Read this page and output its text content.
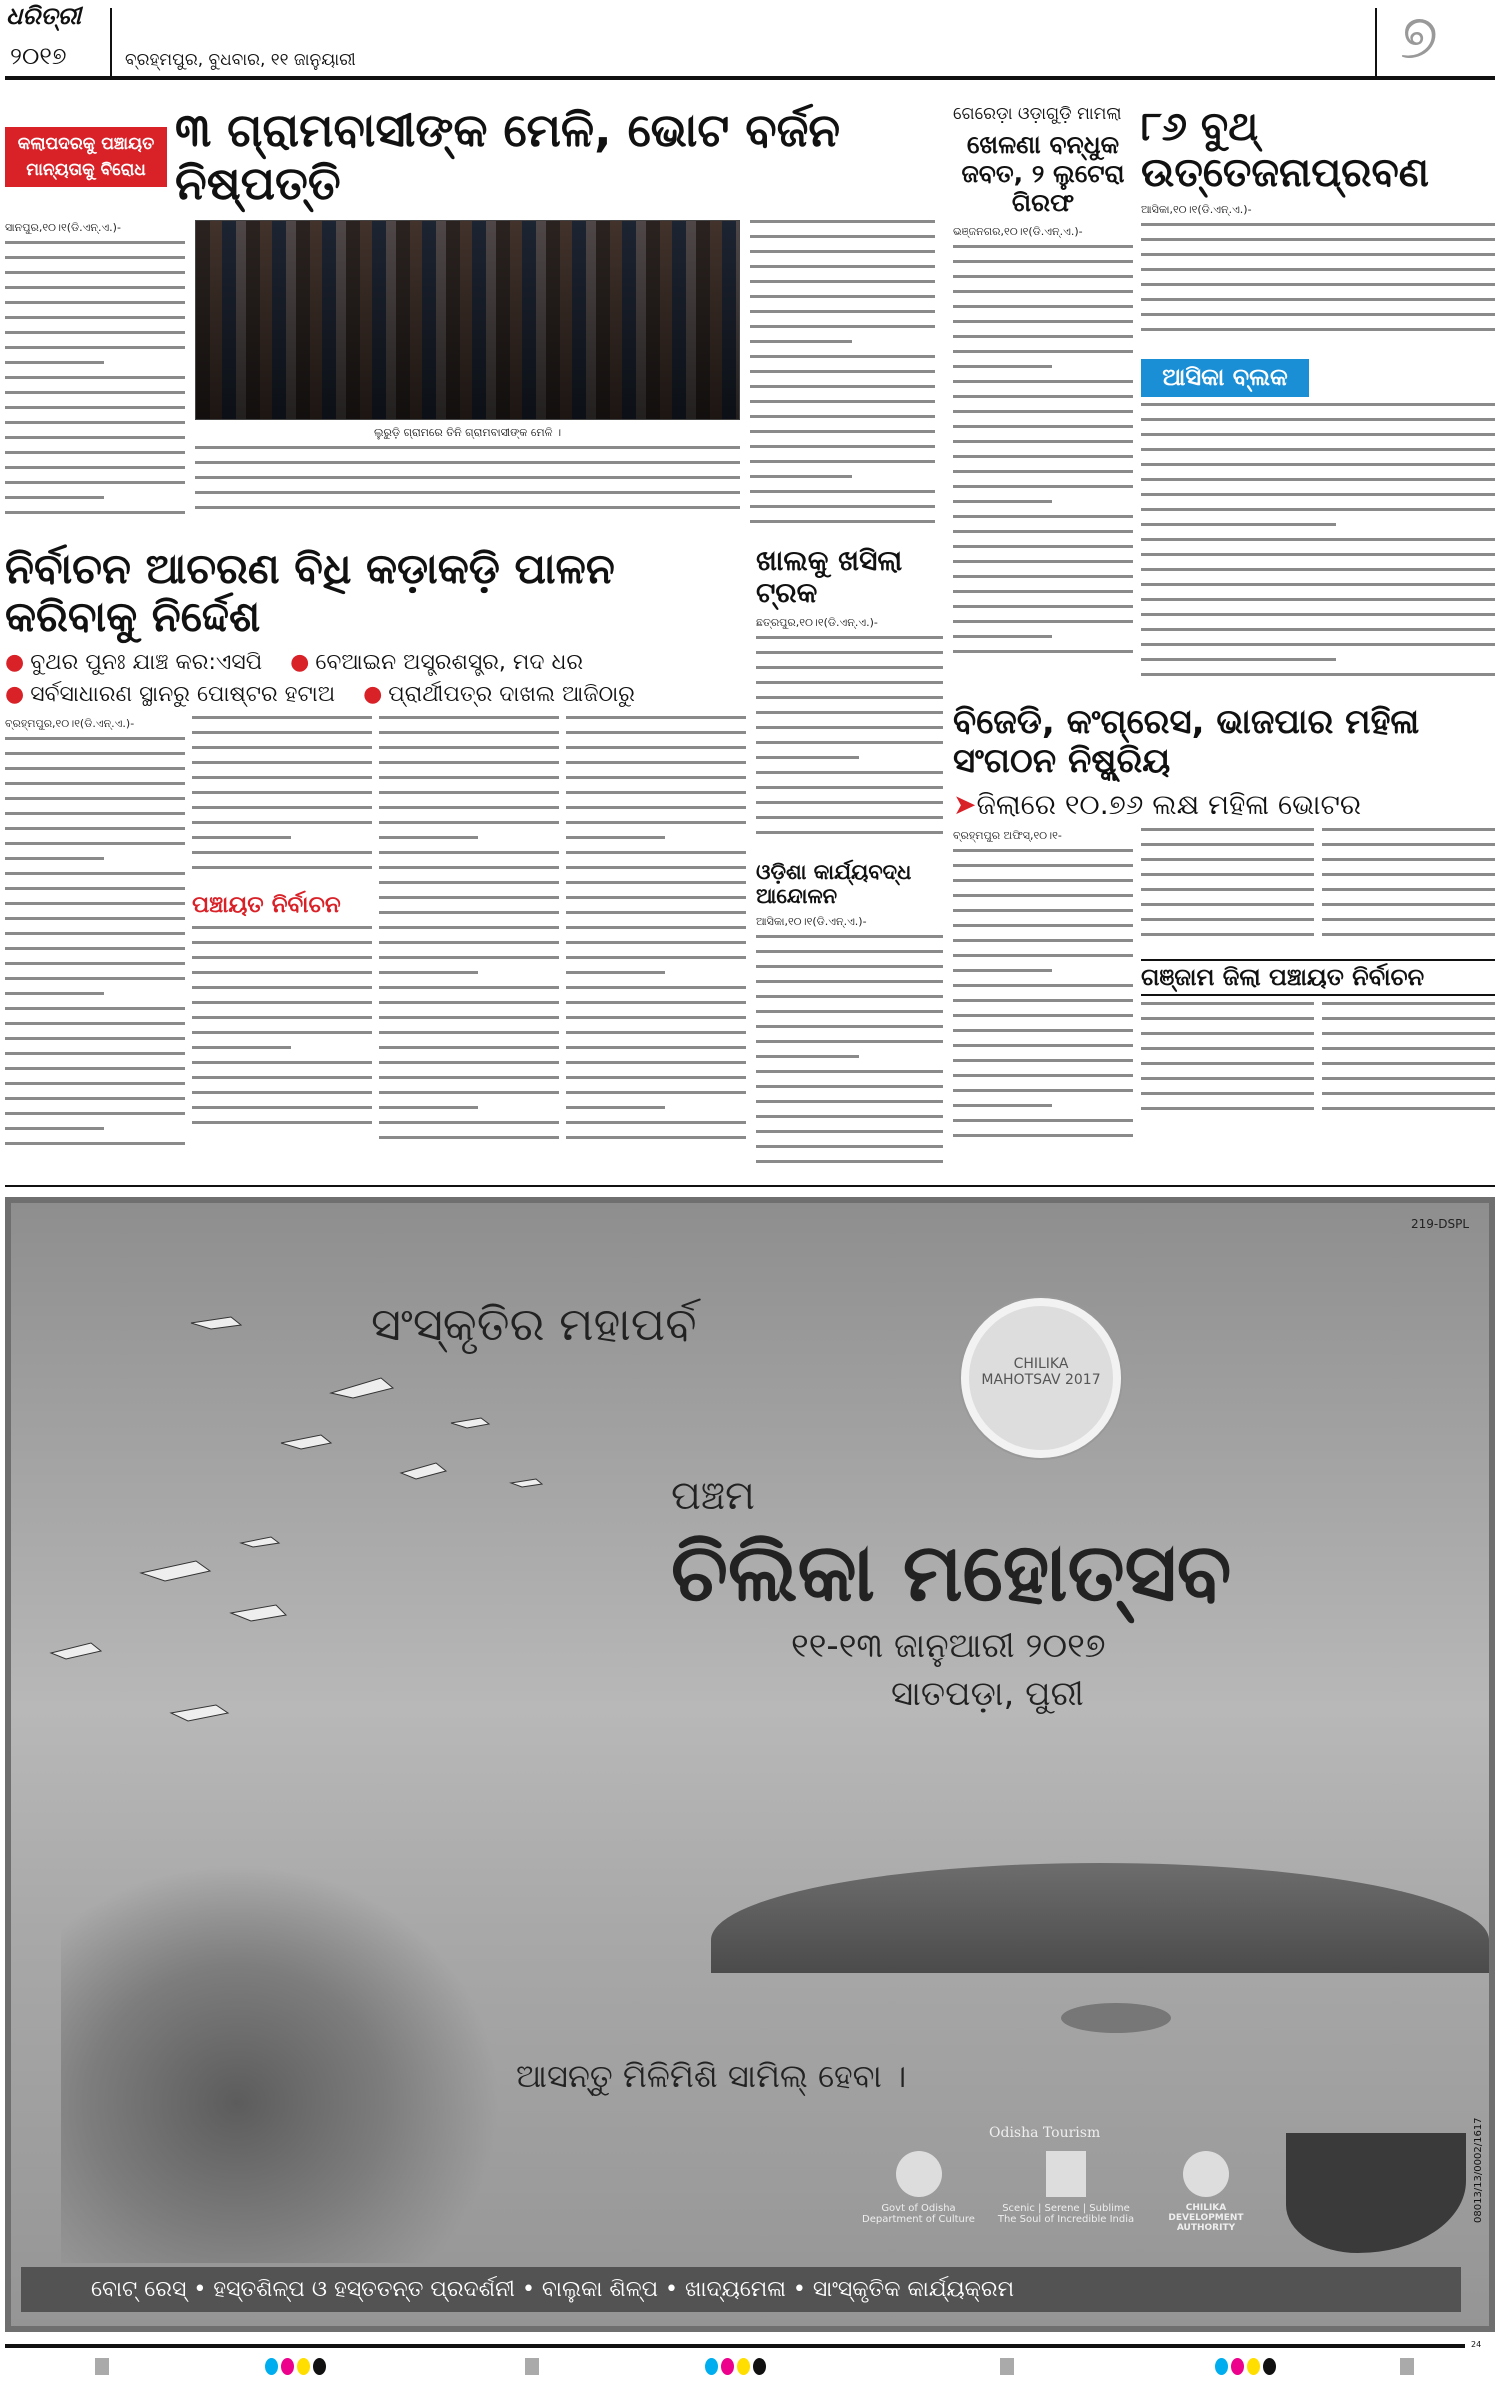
ଧରିତ୍ରୀ
୨୦୧୭	ବ୍ରହ୍ମପୁର, ବୁଧବାର, ୧୧ ଜାନୁୟାରୀ	୭
କଲାପଦରକୁ ପଞ୍ଚାୟତ ମାନ୍ୟତାକୁ ବିରୋଧ
୩ ଗ୍ରାମବାସୀଙ୍କ ମେଳି, ଭୋଟ ବର୍ଜନ ନିଷ୍ପତ୍ତି
ସାନପୁର,୧୦।୧(ଡି.ଏନ୍.ଏ.)-
ଲୁରୁଡ଼ି ଗ୍ରାମରେ ତିନି ଗ୍ରାମବାସୀଙ୍କ ମେଳି ।
ନିର୍ବାଚନ ଆଚରଣ ବିଧି କଡ଼ାକଡ଼ି ପାଳନ କରିବାକୁ ନିର୍ଦ୍ଦେଶ
● ବୁଥର ପୁନଃ ଯାଞ୍ଚ କର:ଏସପି	● ବେଆଇନ ଅସ୍ତ୍ରଶସ୍ତ୍ର, ମଦ ଧର
● ସର୍ବସାଧାରଣ ସ୍ଥାନରୁ ପୋଷ୍ଟର ହଟାଅ	● ପ୍ରାର୍ଥୀପତ୍ର ଦାଖଲ ଆଜିଠାରୁ
ବ୍ରହ୍ମପୁର,୧୦।୧(ଡି.ଏନ୍.ଏ.)-
ପଞ୍ଚାୟତ ନିର୍ବାଚନ
ଖାଲକୁ ଖସିଲା ଟ୍ରକ
ଛତ୍ରପୁର,୧୦।୧(ଡି.ଏନ୍.ଏ.)-
ଓଡ଼ିଶା କାର୍ଯ୍ୟବଦ୍ଧ ଆନ୍ଦୋଳନ
ଆସିକା,୧୦।୧(ଡି.ଏନ୍.ଏ.)-
ଗେରେଡ଼ା ଓଡ଼ାଗୁଡ଼ି ମାମଲା
ଖେଳଣା ବନ୍ଧୁକ ଜବତ, ୨ ଲୁଟେରା ଗିରଫ
ଭଞ୍ଜନଗର,୧୦।୧(ଡି.ଏନ୍.ଏ.)-
୮୬ ବୁଥ୍ ଉତ୍ତେଜନାପ୍ରବଣ
ଆସିକା,୧୦।୧(ଡି.ଏନ୍.ଏ.)-
ଆସିକା ବ୍ଲକ
ବିଜେଡି, କଂଗ୍ରେସ, ଭାଜପାର ମହିଳା ସଂଗଠନ ନିଷ୍କ୍ରିୟ
➤ଜିଲାରେ ୧୦.୭୬ ଲକ୍ଷ ମହିଳା ଭୋଟର
ବ୍ରହ୍ମପୁର ଅଫିସ୍,୧୦।୧-
ଗଞ୍ଜାମ ଜିଲା ପଞ୍ଚାୟତ ନିର୍ବାଚନ
219-DSPL
ସଂସ୍କୃତିର ମହାପର୍ବ
CHILIKA MAHOTSAV 2017
ପଞ୍ଚମ
ଚିଲିକା ମହୋତ୍ସବ
୧୧-୧୩ ଜାନୁଆରୀ ୨୦୧୭
ସାତପଡ଼ା, ପୁରୀ
ଆସନ୍ତୁ ମିଳିମିଶି ସାମିଲ୍ ହେବା ।
Odisha Tourism
Govt of Odisha
Department of Culture
Scenic | Serene | Sublime
The Soul of Incredible India
CHILIKA
DEVELOPMENT AUTHORITY
08013/13/0002/1617
ବୋଟ୍ ରେସ୍ • ହସ୍ତଶିଳ୍ପ ଓ ହସ୍ତତନ୍ତ ପ୍ରଦର୍ଶନୀ • ବାଲୁକା ଶିଳ୍ପ • ଖାଦ୍ୟମେଳା • ସାଂସ୍କୃତିକ କାର୍ଯ୍ୟକ୍ରମ
24
